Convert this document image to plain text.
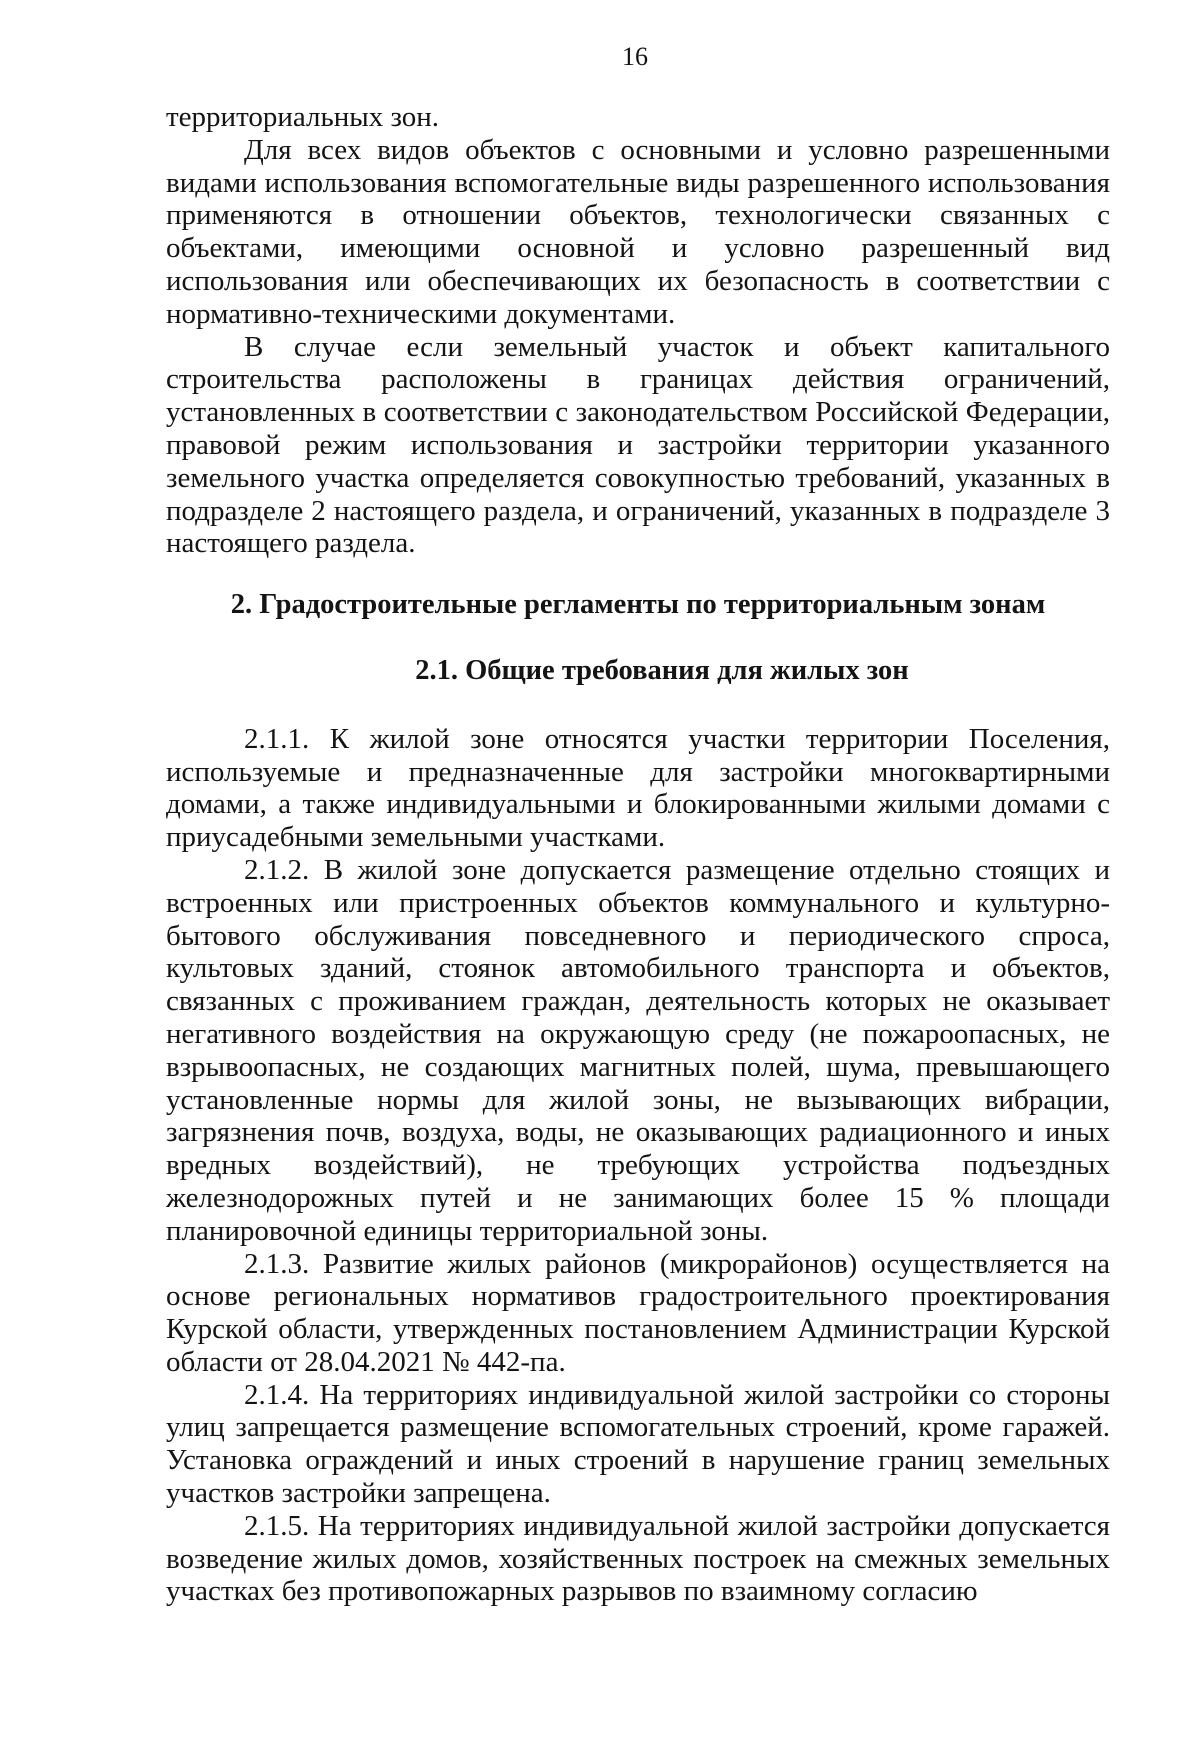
16

территориальных зон.

Для всех видов объектов с основными и условно разрешенными видами использования вспомогательные виды разрешенного использования применяются в отношении объектов, технологически связанных с объектами, имеющими основной и условно разрешенный вид использования или обеспечивающих их безопасность в соответствии с нормативно-техническими документами.

В случае если земельный участок и объект капитального строительства расположены в границах действия ограничений, установленных в соответствии с законодательством Российской Федерации, правовой режим использования и застройки территории указанного земельного участка определяется совокупностью требований, указанных в подразделе 2 настоящего раздела, и ограничений, указанных в подразделе 3 настоящего раздела.

2. Градостроительные регламенты по территориальным зонам
2.1. Общие требования для жилых зон

2.1.1. К жилой зоне относятся участки территории Поселения, используемые и предназначенные для застройки многоквартирными домами, а также индивидуальными и блокированными жилыми домами с приусадебными земельными участками.

2.1.2. В жилой зоне допускается размещение отдельно стоящих и встроенных или пристроенных объектов коммунального и культурно-бытового обслуживания повседневного и периодического спроса, культовых зданий, стоянок автомобильного транспорта и объектов, связанных с проживанием граждан, деятельность которых не оказывает негативного воздействия на окружающую среду (не пожароопасных, не взрывоопасных, не создающих магнитных полей, шума, превышающего установленные нормы для жилой зоны, не вызывающих вибрации, загрязнения почв, воздуха, воды, не оказывающих радиационного и иных вредных воздействий), не требующих устройства подъездных железнодорожных путей и не занимающих более 15 % площади планировочной единицы территориальной зоны.

2.1.3. Развитие жилых районов (микрорайонов) осуществляется на основе региональных нормативов градостроительного проектирования Курской области, утвержденных постановлением Администрации Курской области от 28.04.2021 № 442-па.

2.1.4. На территориях индивидуальной жилой застройки со стороны улиц запрещается размещение вспомогательных строений, кроме гаражей. Установка ограждений и иных строений в нарушение границ земельных участков застройки запрещена.

2.1.5. На территориях индивидуальной жилой застройки допускается возведение жилых домов, хозяйственных построек на смежных земельных участках без противопожарных разрывов по взаимному согласию
